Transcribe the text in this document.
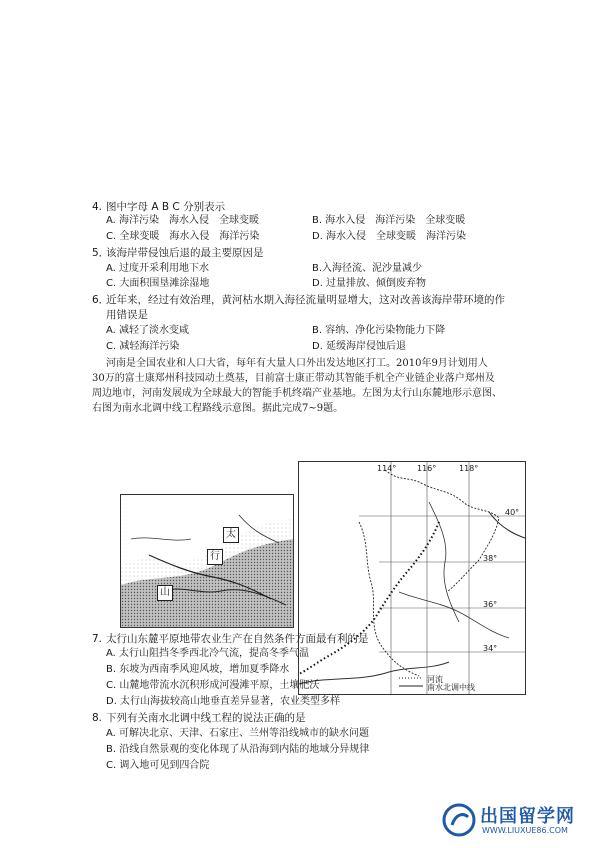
4. 图中字母 A B C 分别表示
A. 海洋污染　海水入侵　全球变暖	B. 海水入侵　海洋污染　全球变暖
C. 全球变暖　海水入侵　海洋污染	D. 海水入侵　全球变暖　海洋污染
5．该海岸带侵蚀后退的最主要原因是
A. 过度开采利用地下水	B.入海径流、泥沙量减少
C. 大面积围垦滩涂湿地	D. 过量排放、倾倒废弃物
6．近年来，经过有效治理，黄河枯水期入海径流量明显增大，这对改善该海岸带环境的作
用错误是
A. 减轻了淡水变咸	B. 容纳、净化污染物能力下降
C. 减轻海洋污染	D. 延缓海岸侵蚀后退
河南是全国农业和人口大省，每年有大量人口外出发达地区打工。2010年9月计划用人
30万的富士康郑州科技园动土奠基，目前富士康正带动其智能手机全产业链企业落户郑州及
周边地市，河南发展成为全球最大的智能手机终端产业基地。左图为太行山东麓地形示意图、
右图为南水北调中线工程路线示意图。据此完成7~9题。
太
行
山
114°	116°	118°
40°
38°
36°
34°
河流
南水北调中线
7. 太行山东麓平原地带农业生产在自然条件方面最有利的是
A. 太行山阻挡冬季西北冷气流，提高冬季气温
B. 东坡为西南季风迎风坡，增加夏季降水
C. 山麓地带流水沉积形成河漫滩平原，土壤肥沃
D. 太行山海拔较高山地垂直差异显著，农业类型多样
8. 下列有关南水北调中线工程的说法正确的是
A. 可解决北京、天津、石家庄、兰州等沿线城市的缺水问题
B. 沿线自然景观的变化体现了从沿海到内陆的地域分异规律
C. 调入地可见到四合院
出国留学网
WWW.LIUXUE86.COM
